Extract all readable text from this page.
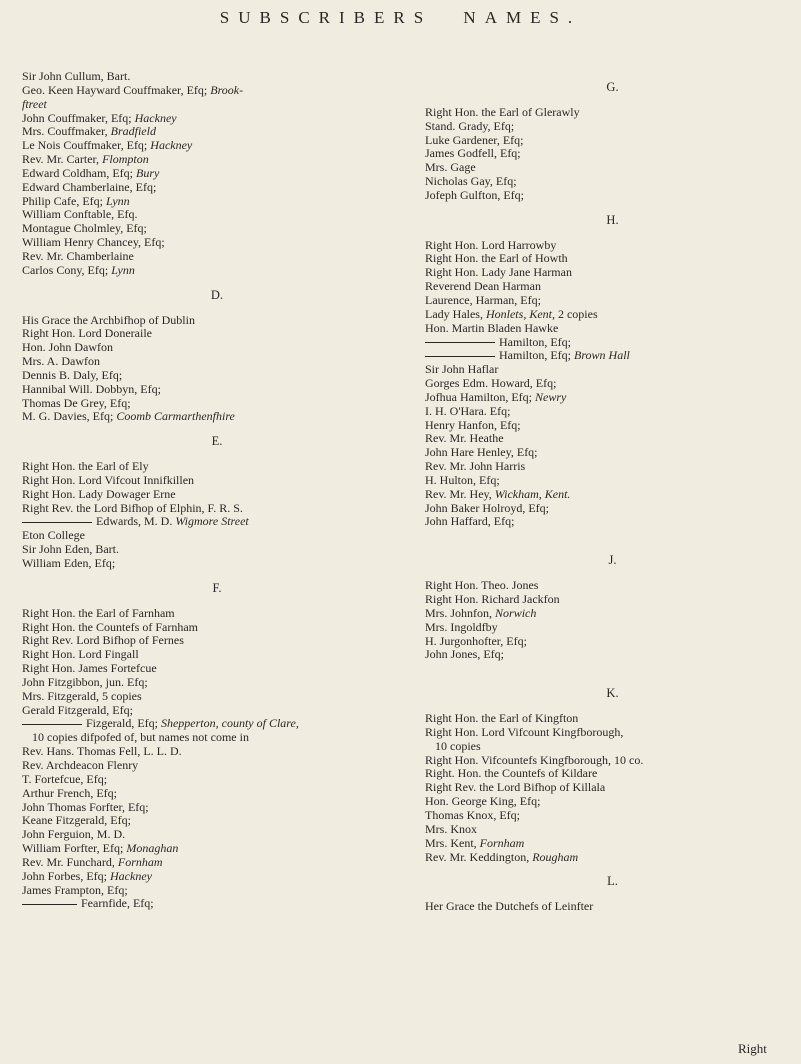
SUBSCRIBERS NAMES.
Sir John Cullum, Bart.
Geo. Keen Hayward Couffmaker, Efq; Brook-
ftreet
John Couffmaker, Efq; Hackney
Mrs. Couffmaker, Bradfield
Le Nois Couffmaker, Efq; Hackney
Rev. Mr. Carter, Flompton
Edward Coldham, Efq; Bury
Edward Chamberlaine, Efq;
Philip Cafe, Efq; Lynn
William Conftable, Efq.
Montague Cholmley, Efq;
William Henry Chancey, Efq;
Rev. Mr. Chamberlaine
Carlos Cony, Efq; Lynn
D.
His Grace the Archbifhop of Dublin
Right Hon. Lord Doneraile
Hon. John Dawfon
Mrs. A. Dawfon
Dennis B. Daly, Efq;
Hannibal Will. Dobbyn, Efq;
Thomas De Grey, Efq;
M. G. Davies, Efq; Coomb Carmarthenfhire
E.
Right Hon. the Earl of Ely
Right Hon. Lord Vifcout Innifkillen
Right Hon. Lady Dowager Erne
Right Rev. the Lord Bifhop of Elphin, F. R. S.
Edwards, M. D. Wigmore Street
Eton College
Sir John Eden, Bart.
William Eden, Efq;
F.
Right Hon. the Earl of Farnham
Right Hon. the Countefs of Farnham
Right Rev. Lord Bifhop of Fernes
Right Hon. Lord Fingall
Right Hon. James Fortefcue
John Fitzgibbon, jun. Efq;
Mrs. Fitzgerald, 5 copies
Gerald Fitzgerald, Efq;
Fizgerald, Efq; Shepperton, county of Clare,
10 copies difpofed of, but names not come in
Rev. Hans. Thomas Fell, L. L. D.
Rev. Archdeacon Flenry
T. Fortefcue, Efq;
Arthur French, Efq;
John Thomas Forfter, Efq;
Keane Fitzgerald, Efq;
John Ferguion, M. D.
William Forfter, Efq; Monaghan
Rev. Mr. Funchard, Fornham
John Forbes, Efq; Hackney
James Frampton, Efq;
Fearnfide, Efq;
G.
Right Hon. the Earl of Glerawly
Stand. Grady, Efq;
Luke Gardener, Efq;
James Godfell, Efq;
Mrs. Gage
Nicholas Gay, Efq;
Jofeph Gulfton, Efq;
H.
Right Hon. Lord Harrowby
Right Hon. the Earl of Howth
Right Hon. Lady Jane Harman
Reverend Dean Harman
Laurence, Harman, Efq;
Lady Hales, Honlets, Kent, 2 copies
Hon. Martin Bladen Hawke
Hamilton, Efq;
Hamilton, Efq; Brown Hall
Sir John Haflar
Gorges Edm. Howard, Efq;
Jofhua Hamilton, Efq; Newry
I. H. O'Hara. Efq;
Henry Hanfon, Efq;
Rev. Mr. Heathe
John Hare Henley, Efq;
Rev. Mr. John Harris
H. Hulton, Efq;
Rev. Mr. Hey, Wickham, Kent.
John Baker Holroyd, Efq;
John Haffard, Efq;
J.
Right Hon. Theo. Jones
Right Hon. Richard Jackfon
Mrs. Johnfon, Norwich
Mrs. Ingoldfby
H. Jurgonhofter, Efq;
John Jones, Efq;
K.
Right Hon. the Earl of Kingfton
Right Hon. Lord Vifcount Kingfborough,
10 copies
Right Hon. Vifcountefs Kingfborough, 10 co.
Right. Hon. the Countefs of Kildare
Right Rev. the Lord Bifhop of Killala
Hon. George King, Efq;
Thomas Knox, Efq;
Mrs. Knox
Mrs. Kent, Fornham
Rev. Mr. Keddington, Rougham
L.
Her Grace the Dutchefs of Leinfter
Right
